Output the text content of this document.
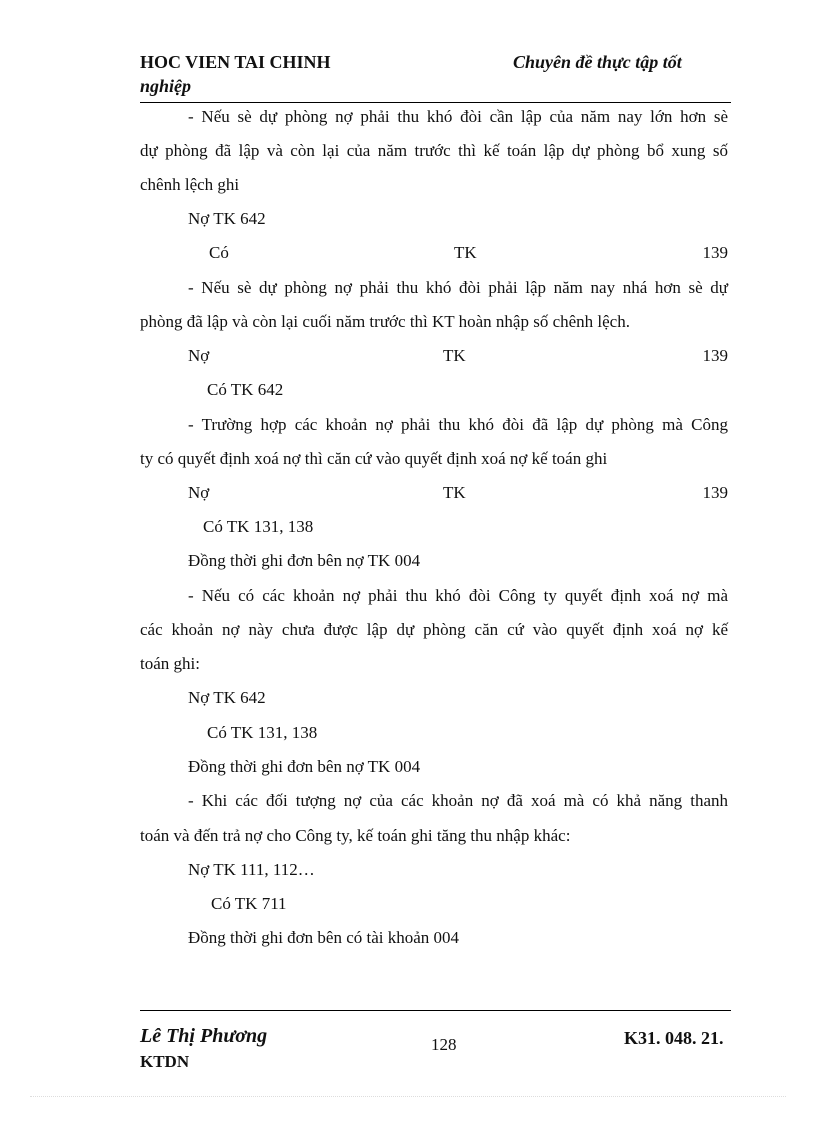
HOC VIEN TAI CHINH	Chuyên đề thực tập tốt
nghiệp
- Nếu sè dự phòng nợ phải thu khó đòi cần lập của năm nay lớn hơn sè
dự phòng đã lập và còn lại của năm trước thì kế toán lập dự phòng bổ xung số
chênh lệch ghi
Nợ TK 642
Có	TK	139
- Nếu sè dự phòng nợ phải thu khó đòi phải lập năm nay nhá hơn sè dự
phòng đã lập và còn lại cuối năm trước thì KT hoàn nhập số chênh lệch.
Nợ	TK	139
Có TK 642
- Trường hợp các khoản nợ phải thu khó đòi đã lập dự phòng mà Công
ty có quyết định xoá nợ thì căn cứ vào quyết định xoá nợ kế toán ghi
Nợ	TK	139
Có TK 131, 138
Đồng thời ghi đơn bên nợ TK 004
- Nếu có các khoản nợ phải thu khó đòi Công ty quyết định xoá nợ mà
các khoản nợ này chưa được lập dự phòng căn cứ vào quyết định xoá nợ kế
toán ghi:
Nợ TK 642
Có TK 131, 138
Đồng thời ghi đơn bên nợ TK 004
- Khi các đối tượng nợ của các khoản nợ đã xoá mà có khả năng thanh
toán và đến trả nợ cho Công ty, kế toán ghi tăng thu nhập khác:
Nợ TK 111, 112…
Có TK 711
Đồng thời ghi đơn bên có tài khoản 004
Lê Thị Phương	128	K31. 048. 21.
KTDN
